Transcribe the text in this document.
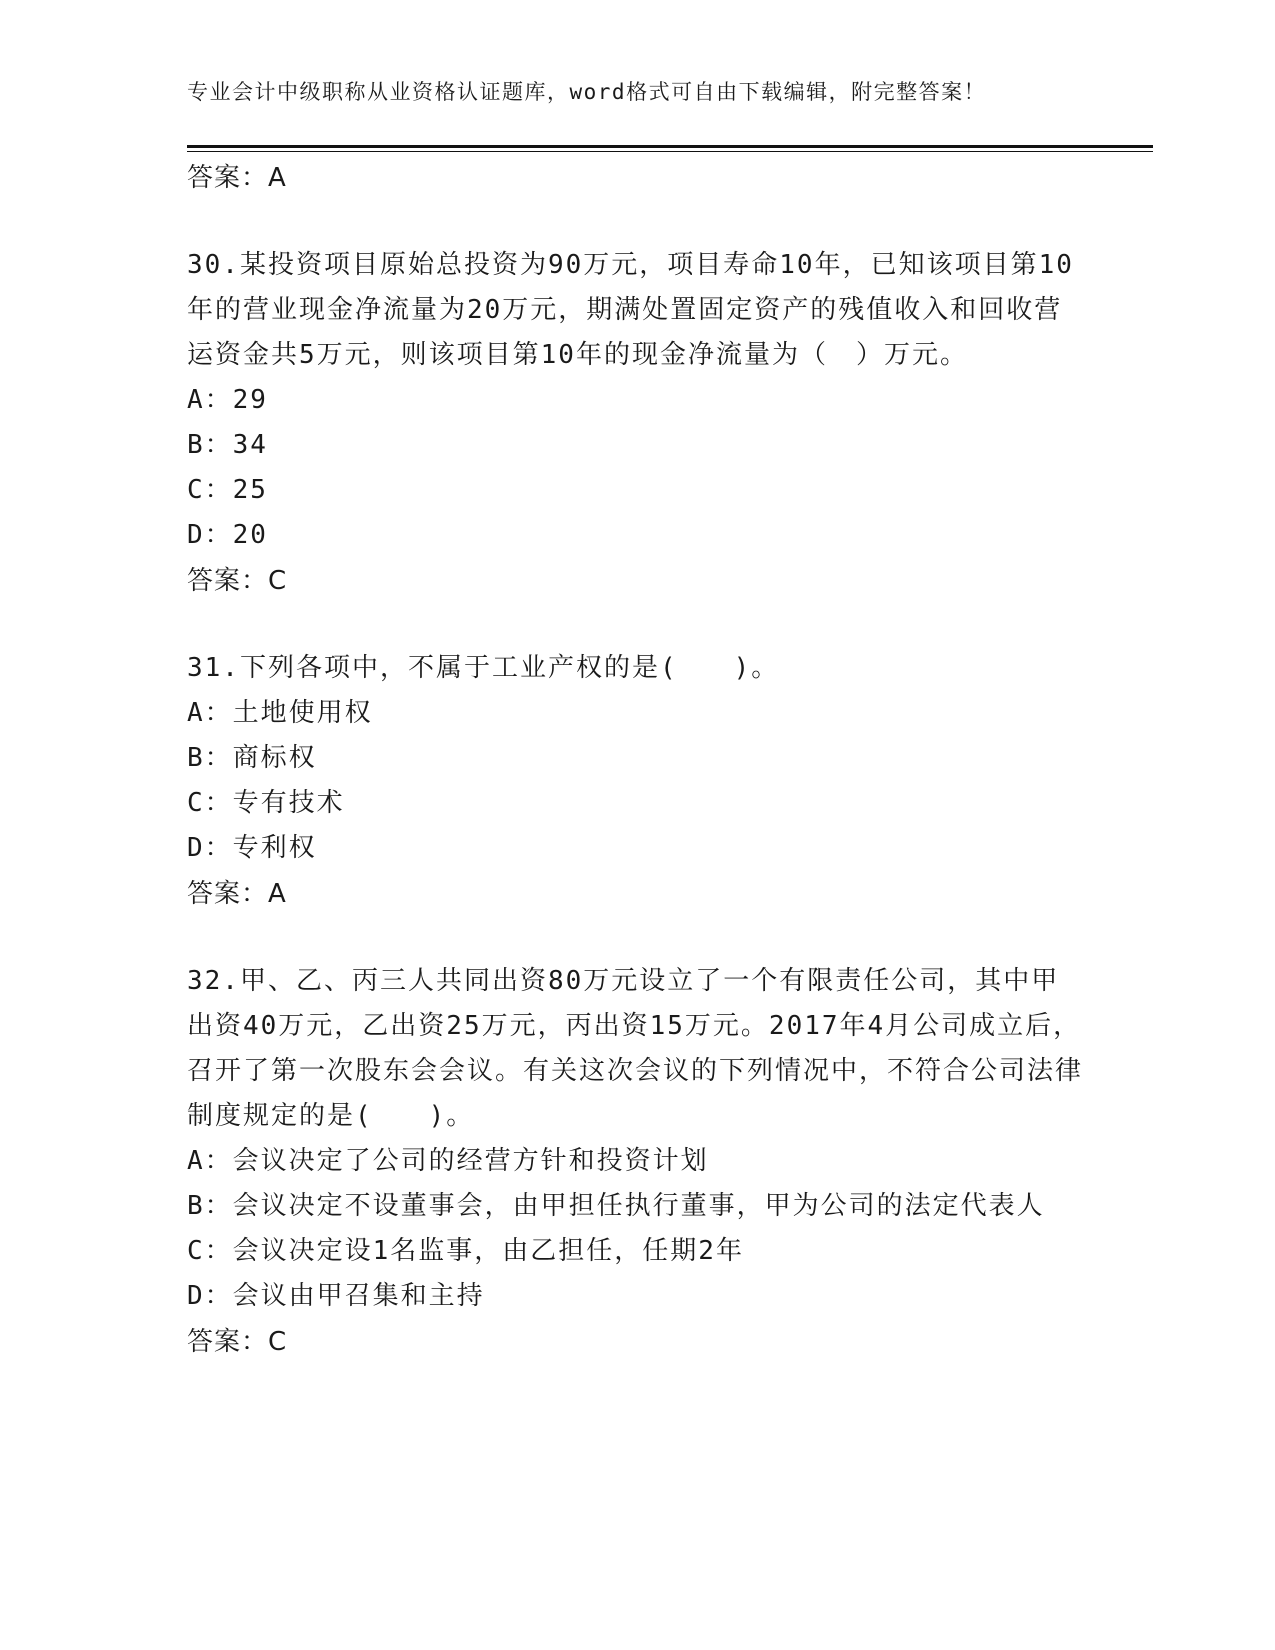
专业会计中级职称从业资格认证题库，word格式可自由下载编辑，附完整答案！
答案：A

30.某投资项目原始总投资为90万元，项目寿命10年，已知该项目第10年的营业现金净流量为20万元，期满处置固定资产的残值收入和回收营运资金共5万元，则该项目第10年的现金净流量为（　）万元。

A：29
B：34
C：25
D：20
答案：C

31.下列各项中，不属于工业产权的是(　　)。

A：土地使用权
B：商标权
C：专有技术
D：专利权
答案：A

32.甲、乙、丙三人共同出资80万元设立了一个有限责任公司，其中甲出资40万元，乙出资25万元，丙出资15万元。2017年4月公司成立后，召开了第一次股东会会议。有关这次会议的下列情况中，不符合公司法律制度规定的是(　　)。

A：会议决定了公司的经营方针和投资计划
B：会议决定不设董事会，由甲担任执行董事，甲为公司的法定代表人
C：会议决定设1名监事，由乙担任，任期2年
D：会议由甲召集和主持
答案：C
